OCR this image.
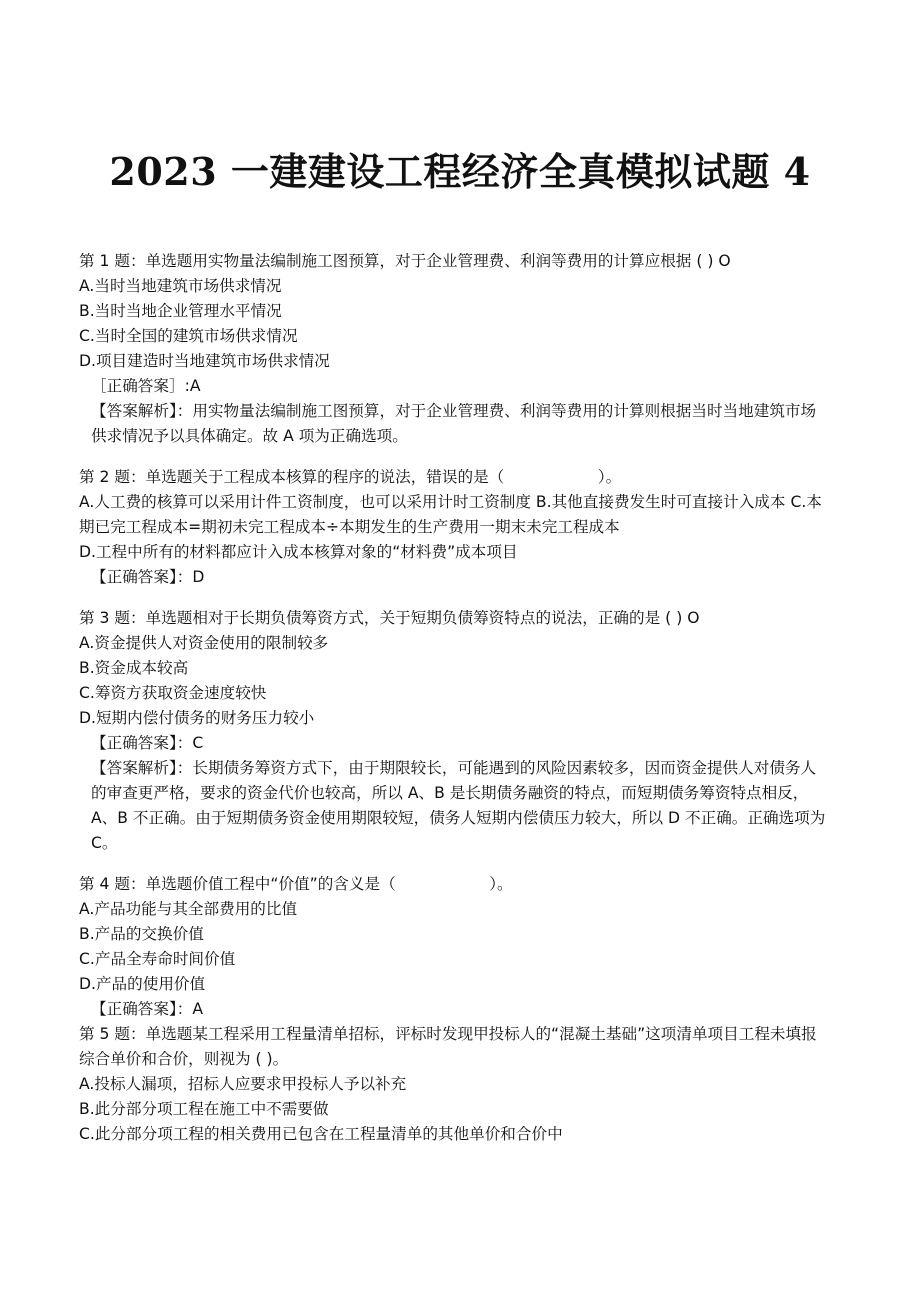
2023 一建建设工程经济全真模拟试题 4
第 1 题：单选题用实物量法编制施工图预算，对于企业管理费、利润等费用的计算应根据 ( ) O
A.当时当地建筑市场供求情况
B.当时当地企业管理水平情况
C.当时全国的建筑市场供求情况
D.项目建造时当地建筑市场供求情况
［正确答案］:A
【答案解析】：用实物量法编制施工图预算，对于企业管理费、利润等费用的计算则根据当时当地建筑市场供求情况予以具体确定。故 A 项为正确选项。
第 2 题：单选题关于工程成本核算的程序的说法，错误的是（　　　　　　）。
A.人工费的核算可以采用计件工资制度，也可以采用计时工资制度 B.其他直接费发生时可直接计入成本 C.本期已完工程成本=期初未完工程成本÷本期发生的生产费用一期末未完工程成本
D.工程中所有的材料都应计入成本核算对象的“材料费”成本项目
【正确答案】：D
第 3 题：单选题相对于长期负债筹资方式，关于短期负债筹资特点的说法，正确的是 ( ) O
A.资金提供人对资金使用的限制较多
B.资金成本较高
C.筹资方获取资金速度较快
D.短期内偿付债务的财务压力较小
【正确答案】：C
【答案解析】：长期债务筹资方式下，由于期限较长，可能遇到的风险因素较多，因而资金提供人对债务人的审查更严格，要求的资金代价也较高，所以 A、B 是长期债务融资的特点，而短期债务筹资特点相反，A、B 不正确。由于短期债务资金使用期限较短，债务人短期内偿债压力较大，所以 D 不正确。正确选项为 C。
第 4 题：单选题价值工程中“价值”的含义是（　　　　　　）。
A.产品功能与其全部费用的比值
B.产品的交换价值
C.产品全寿命时间价值
D.产品的使用价值
【正确答案】：A
第 5 题：单选题某工程采用工程量清单招标，评标时发现甲投标人的“混凝土基础”这项清单项目工程未填报综合单价和合价，则视为 ( )。
A.投标人漏项，招标人应要求甲投标人予以补充
B.此分部分项工程在施工中不需要做
C.此分部分项工程的相关费用已包含在工程量清单的其他单价和合价中
